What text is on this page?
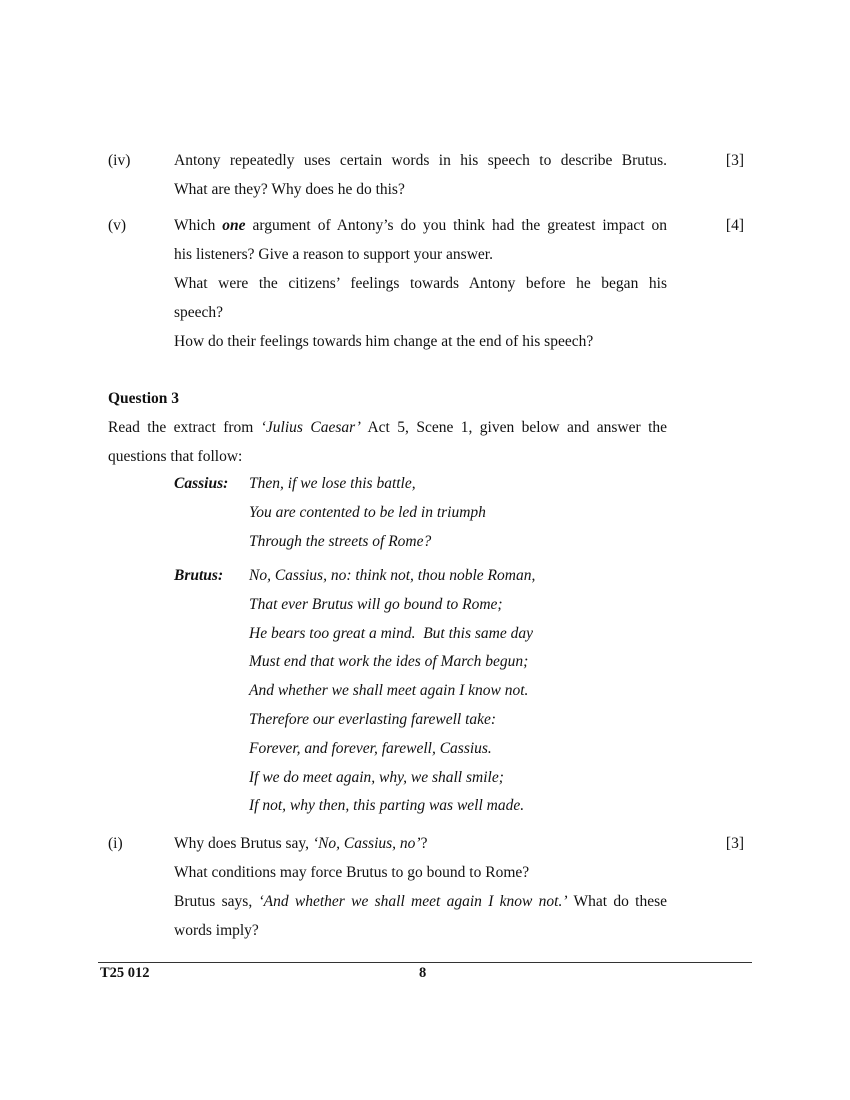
(iv)	Antony repeatedly uses certain words in his speech to describe Brutus.
What are they? Why does he do this?
[3]
(v)	Which one argument of Antony’s do you think had the greatest impact on
his listeners? Give a reason to support your answer.
What were the citizens’ feelings towards Antony before he began his
speech?
How do their feelings towards him change at the end of his speech?
[4]
Question 3
Read the extract from ‘Julius Caesar’ Act 5, Scene 1, given below and answer the
questions that follow:
Cassius: Then, if we lose this battle,
You are contented to be led in triumph
Through the streets of Rome?
Brutus: No, Cassius, no: think not, thou noble Roman,
That ever Brutus will go bound to Rome;
He bears too great a mind.  But this same day
Must end that work the ides of March begun;
And whether we shall meet again I know not.
Therefore our everlasting farewell take:
Forever, and forever, farewell, Cassius.
If we do meet again, why, we shall smile;
If not, why then, this parting was well made.
(i)	Why does Brutus say, ‘No, Cassius, no’?
What conditions may force Brutus to go bound to Rome?
Brutus says, ‘And whether we shall meet again I know not.’ What do these
words imply?
[3]
T25 012	8
